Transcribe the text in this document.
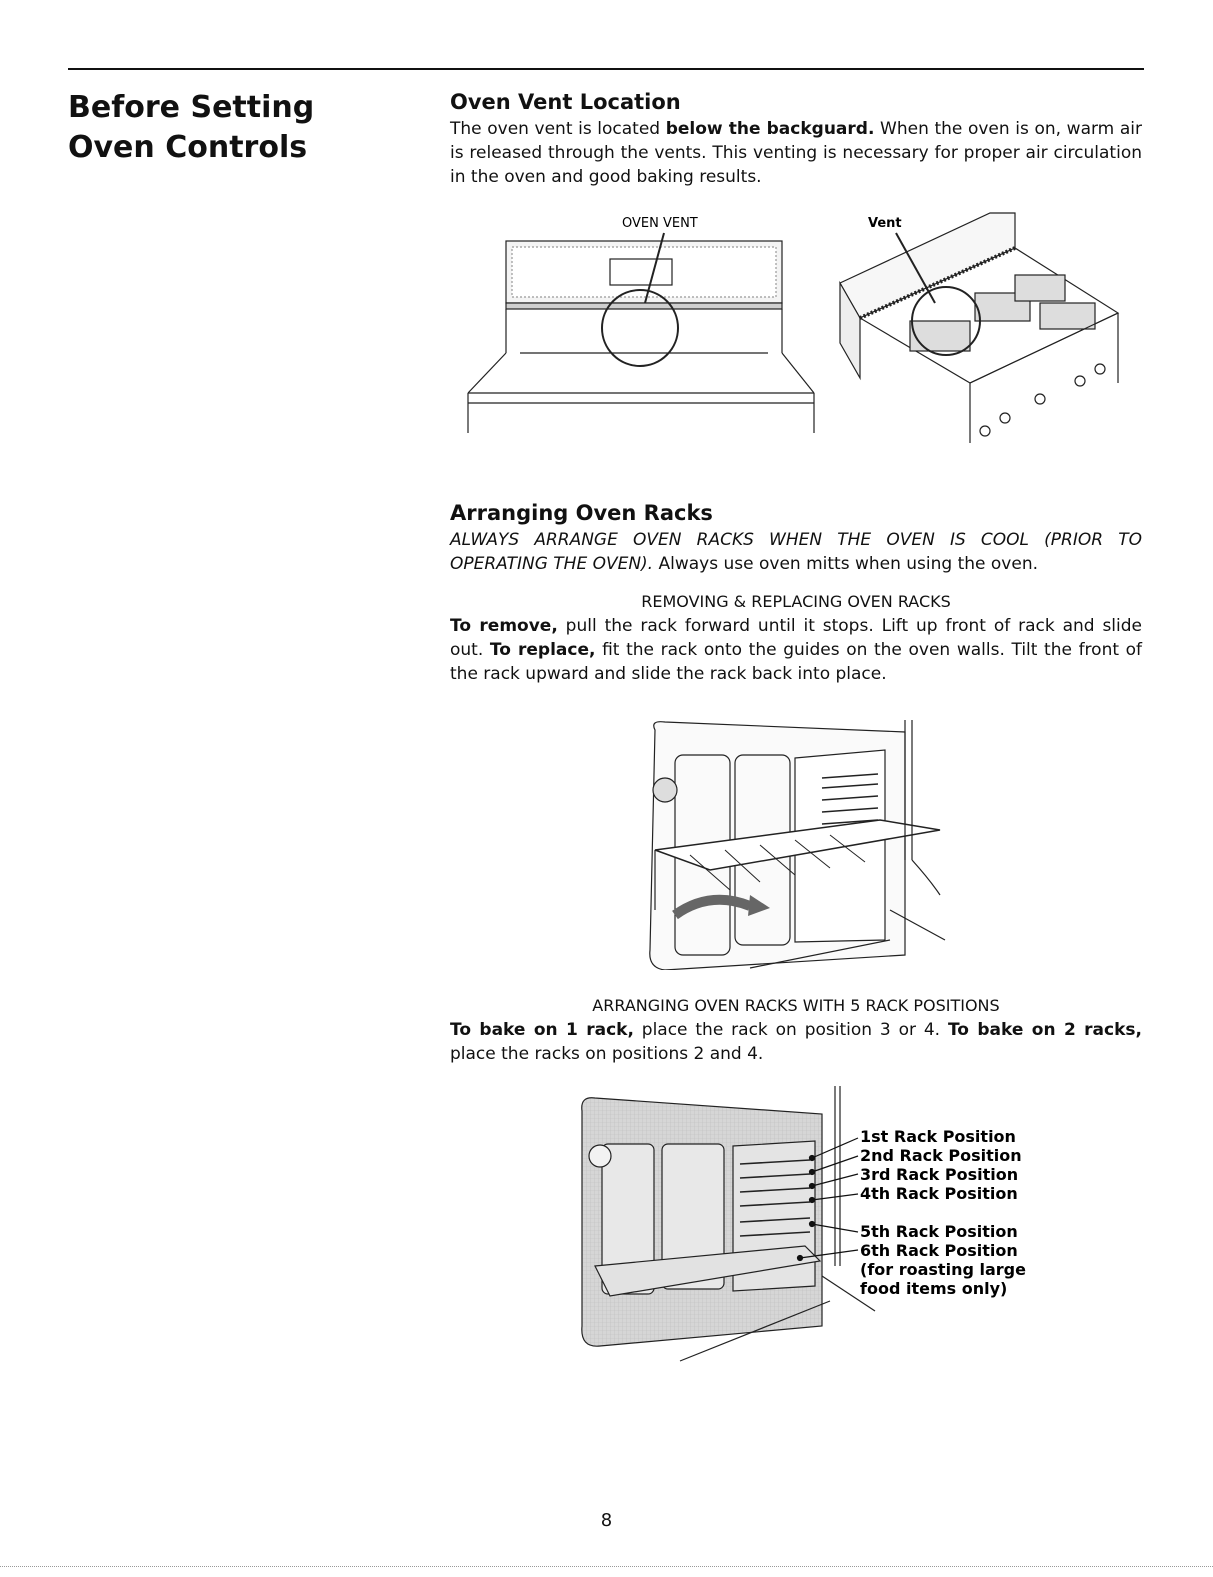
Before Setting Oven Controls
Oven Vent Location

The oven vent is located below the backguard. When the oven is on, warm air is released through the vents. This venting is necessary for proper air circulation in the oven and good baking results.

OVEN VENT	Vent
Arranging Oven Racks

ALWAYS ARRANGE OVEN RACKS WHEN THE OVEN IS COOL (PRIOR TO OPERATING THE OVEN). Always use oven mitts when using the oven.

REMOVING & REPLACING OVEN RACKS

To remove, pull the rack forward until it stops. Lift up front of rack and slide out. To replace, fit the rack onto the guides on the oven walls. Tilt the front of the rack upward and slide the rack back into place.

ARRANGING OVEN RACKS WITH 5 RACK POSITIONS

To bake on 1 rack, place the rack on position 3 or 4. To bake on 2 racks, place the racks on positions 2 and 4.

1st Rack Position
2nd Rack Position
3rd Rack Position
4th Rack Position
5th Rack Position
6th Rack Position
(for roasting large
food items only)
8
